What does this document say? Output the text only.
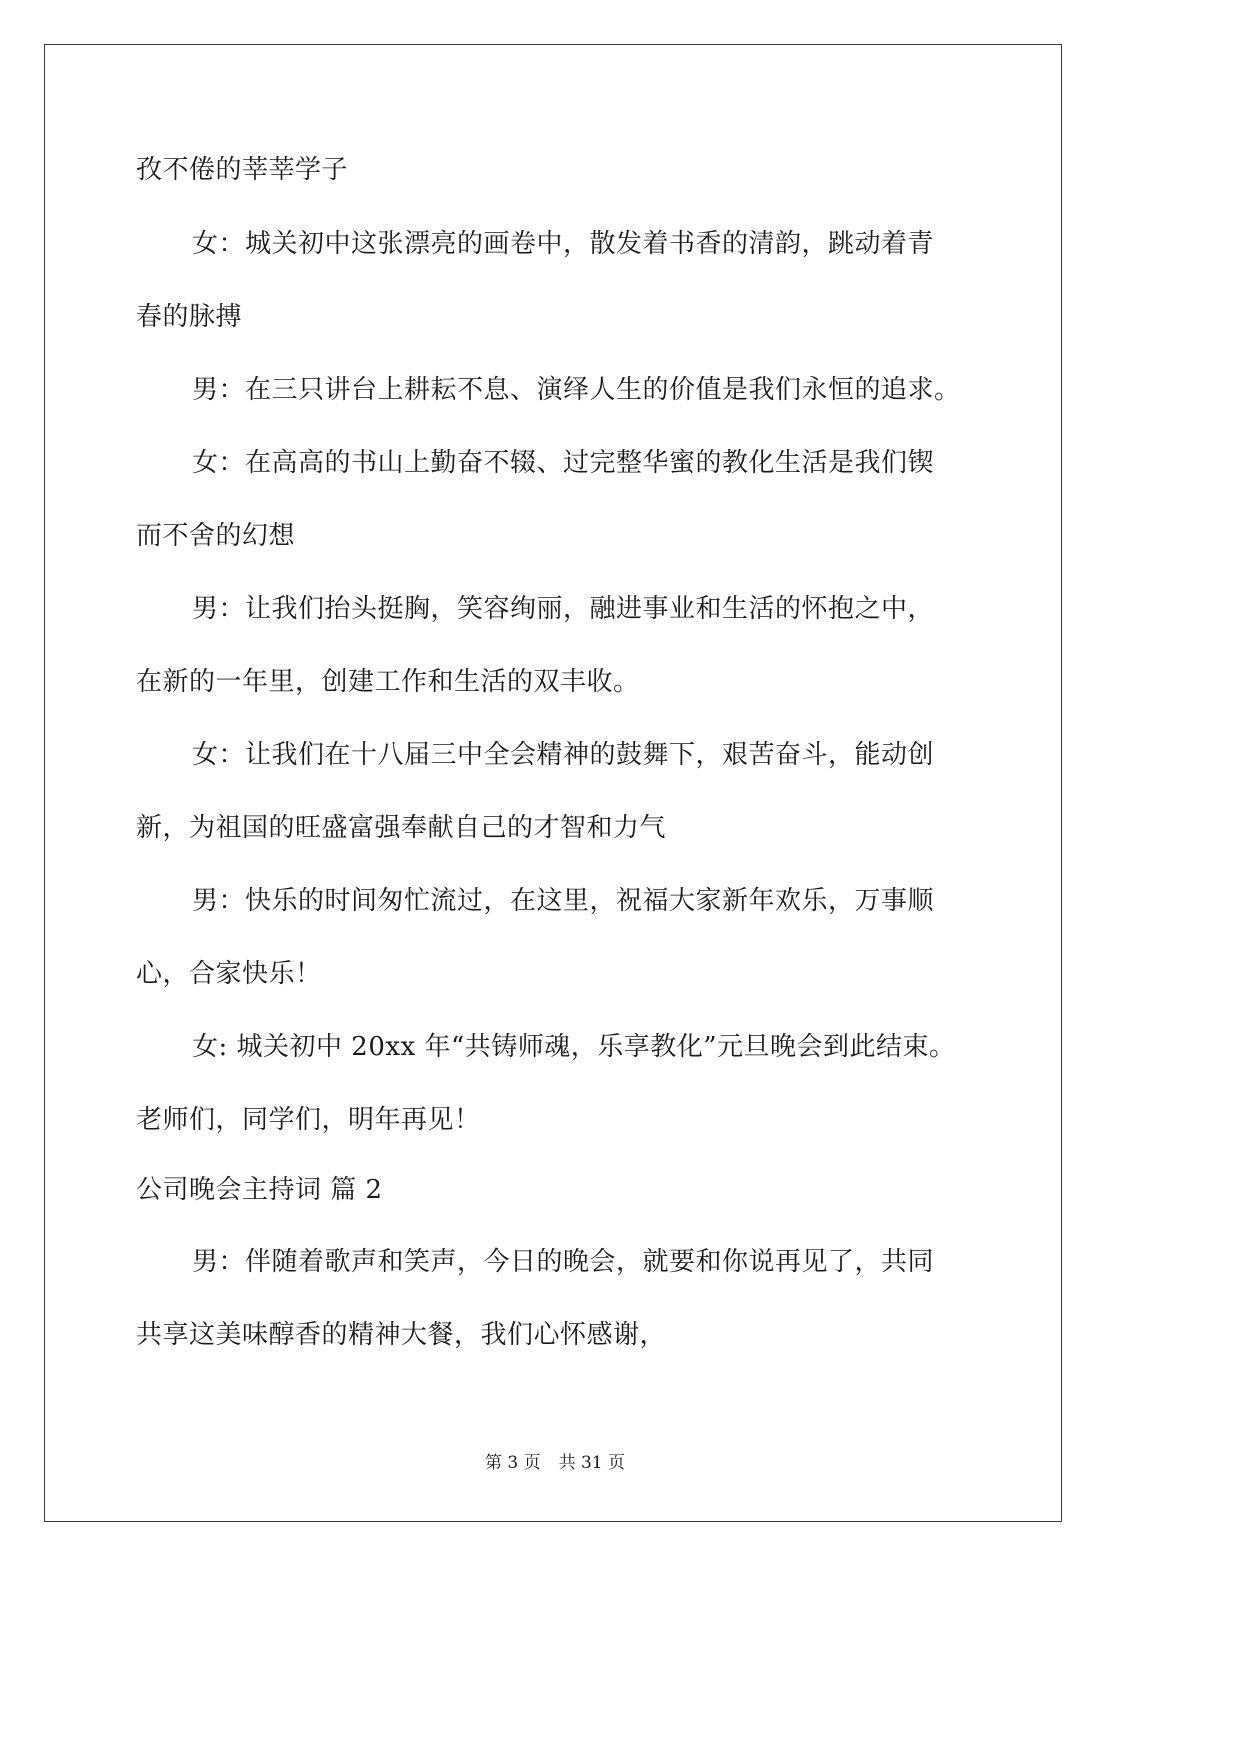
孜不倦的莘莘学子
女：城关初中这张漂亮的画卷中，散发着书香的清韵，跳动着青
春的脉搏
男：在三只讲台上耕耘不息、演绎人生的价值是我们永恒的追求。
女：在高高的书山上勤奋不辍、过完整华蜜的教化生活是我们锲
而不舍的幻想
男：让我们抬头挺胸，笑容绚丽，融进事业和生活的怀抱之中，
在新的一年里，创建工作和生活的双丰收。
女：让我们在十八届三中全会精神的鼓舞下，艰苦奋斗，能动创
新，为祖国的旺盛富强奉献自己的才智和力气
男：快乐的时间匆忙流过，在这里，祝福大家新年欢乐，万事顺
心，合家快乐！
女: 城关初中 20xx 年“共铸师魂，乐享教化”元旦晚会到此结束。
老师们，同学们，明年再见！
公司晚会主持词 篇 2
男：伴随着歌声和笑声，今日的晚会，就要和你说再见了，共同
共享这美味醇香的精神大餐，我们心怀感谢，
第 3 页 共 31 页
